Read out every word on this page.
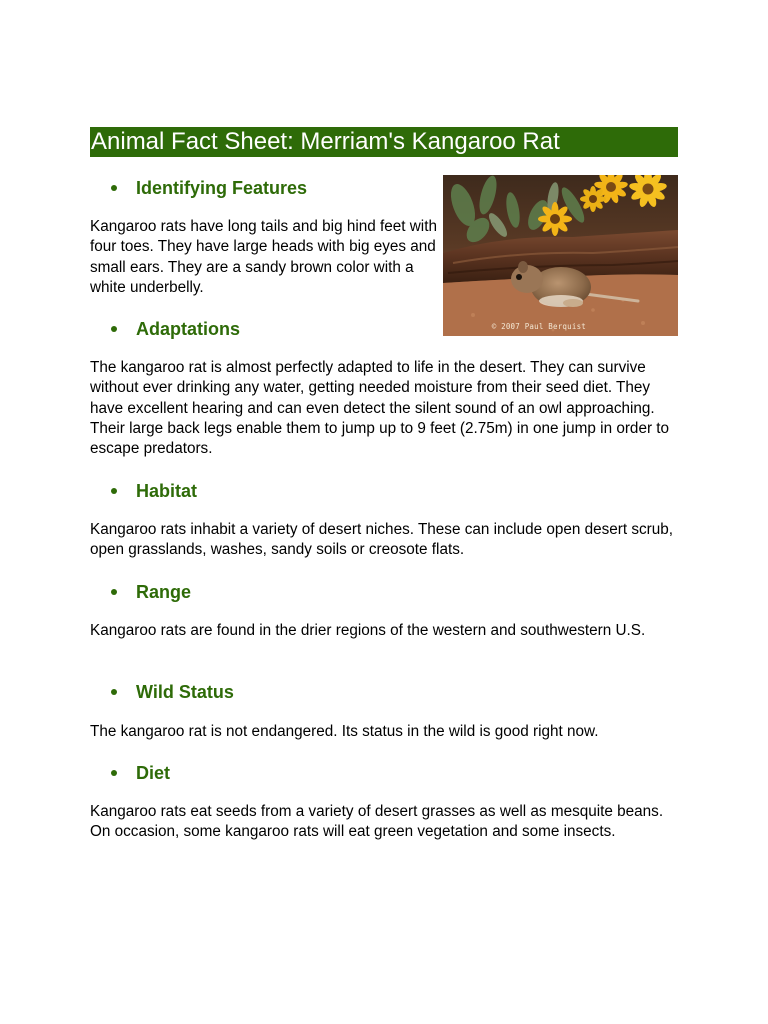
Animal Fact Sheet: Merriam's Kangaroo Rat
© 2007 Paul Berquist
Identifying Features

Kangaroo rats have long tails and big hind feet with four toes. They have large heads with big eyes and small ears. They are a sandy brown color with a white underbelly.

Adaptations

The kangaroo rat is almost perfectly adapted to life in the desert. They can survive without ever drinking any water, getting needed moisture from their seed diet. They have excellent hearing and can even detect the silent sound of an owl approaching. Their large back legs enable them to jump up to 9 feet (2.75m) in one jump in order to escape predators.

Habitat

Kangaroo rats inhabit a variety of desert niches. These can include open desert scrub, open grasslands, washes, sandy soils or creosote flats.

Range

Kangaroo rats are found in the drier regions of the western and southwestern U.S.

Wild Status

The kangaroo rat is not endangered. Its status in the wild is good right now.

Diet

Kangaroo rats eat seeds from a variety of desert grasses as well as mesquite beans. On occasion, some kangaroo rats will eat green vegetation and some insects.
